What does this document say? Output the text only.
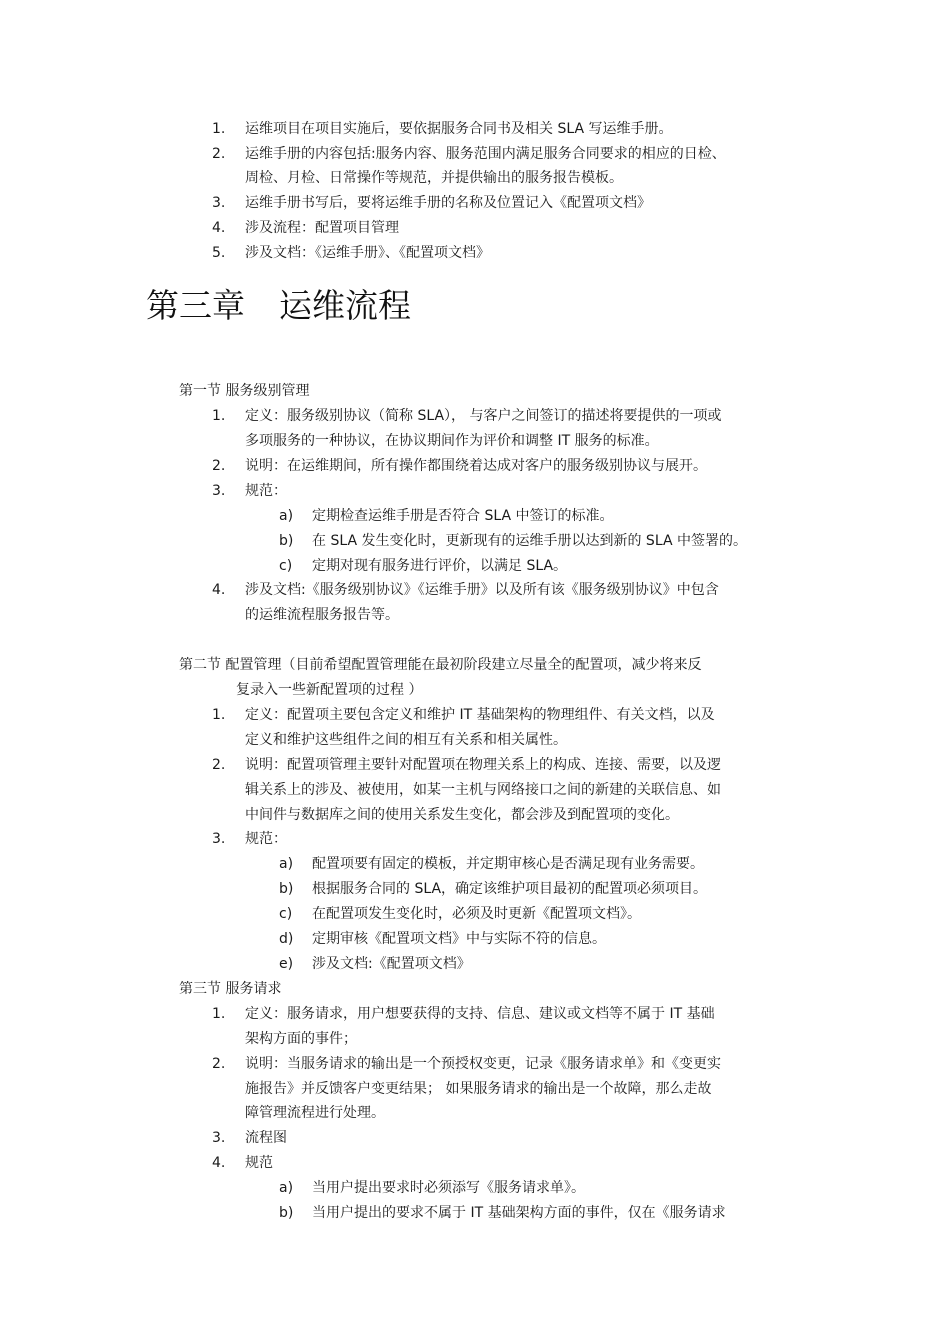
1. 运维项目在项目实施后，要依据服务合同书及相关 SLA 写运维手册。
2. 运维手册的内容包括:服务内容、服务范围内满足服务合同要求的相应的日检、
周检、月检、日常操作等规范，并提供输出的服务报告模板。
3. 运维手册书写后，要将运维手册的名称及位置记入《配置项文档》
4. 涉及流程：配置项目管理
5. 涉及文档：《运维手册》、《配置项文档》
第三章 运维流程
第一节 服务级别管理
1. 定义：服务级别协议（简称 SLA）， 与客户之间签订的描述将要提供的一项或
多项服务的一种协议，在协议期间作为评价和调整 IT 服务的标准。
2. 说明：在运维期间，所有操作都围绕着达成对客户的服务级别协议与展开。
3. 规范：
a) 定期检查运维手册是否符合 SLA 中签订的标准。
b) 在 SLA 发生变化时，更新现有的运维手册以达到新的 SLA 中签署的。
c) 定期对现有服务进行评价，以满足 SLA。
4. 涉及文档:《服务级别协议》《运维手册》以及所有该《服务级别协议》中包含
的运维流程服务报告等。
第二节 配置管理（目前希望配置管理能在最初阶段建立尽量全的配置项，减少将来反
复录入一些新配置项的过程 ）
1. 定义：配置项主要包含定义和维护 IT 基础架构的物理组件、有关文档，以及
定义和维护这些组件之间的相互有关系和相关属性。
2. 说明：配置项管理主要针对配置项在物理关系上的构成、连接、需要，以及逻
辑关系上的涉及、被使用，如某一主机与网络接口之间的新建的关联信息、如
中间件与数据库之间的使用关系发生变化，都会涉及到配置项的变化。
3. 规范：
a) 配置项要有固定的模板，并定期审核心是否满足现有业务需要。
b) 根据服务合同的 SLA，确定该维护项目最初的配置项必须项目。
c) 在配置项发生变化时，必须及时更新《配置项文档》。
d) 定期审核《配置项文档》中与实际不符的信息。
e) 涉及文档:《配置项文档》
第三节 服务请求
1. 定义：服务请求，用户想要获得的支持、信息、建议或文档等不属于 IT 基础
架构方面的事件；
2. 说明：当服务请求的输出是一个预授权变更，记录《服务请求单》和《变更实
施报告》并反馈客户变更结果； 如果服务请求的输出是一个故障，那么走故
障管理流程进行处理。
3. 流程图
4. 规范
a) 当用户提出要求时必须添写《服务请求单》。
b) 当用户提出的要求不属于 IT 基础架构方面的事件，仅在《服务请求
